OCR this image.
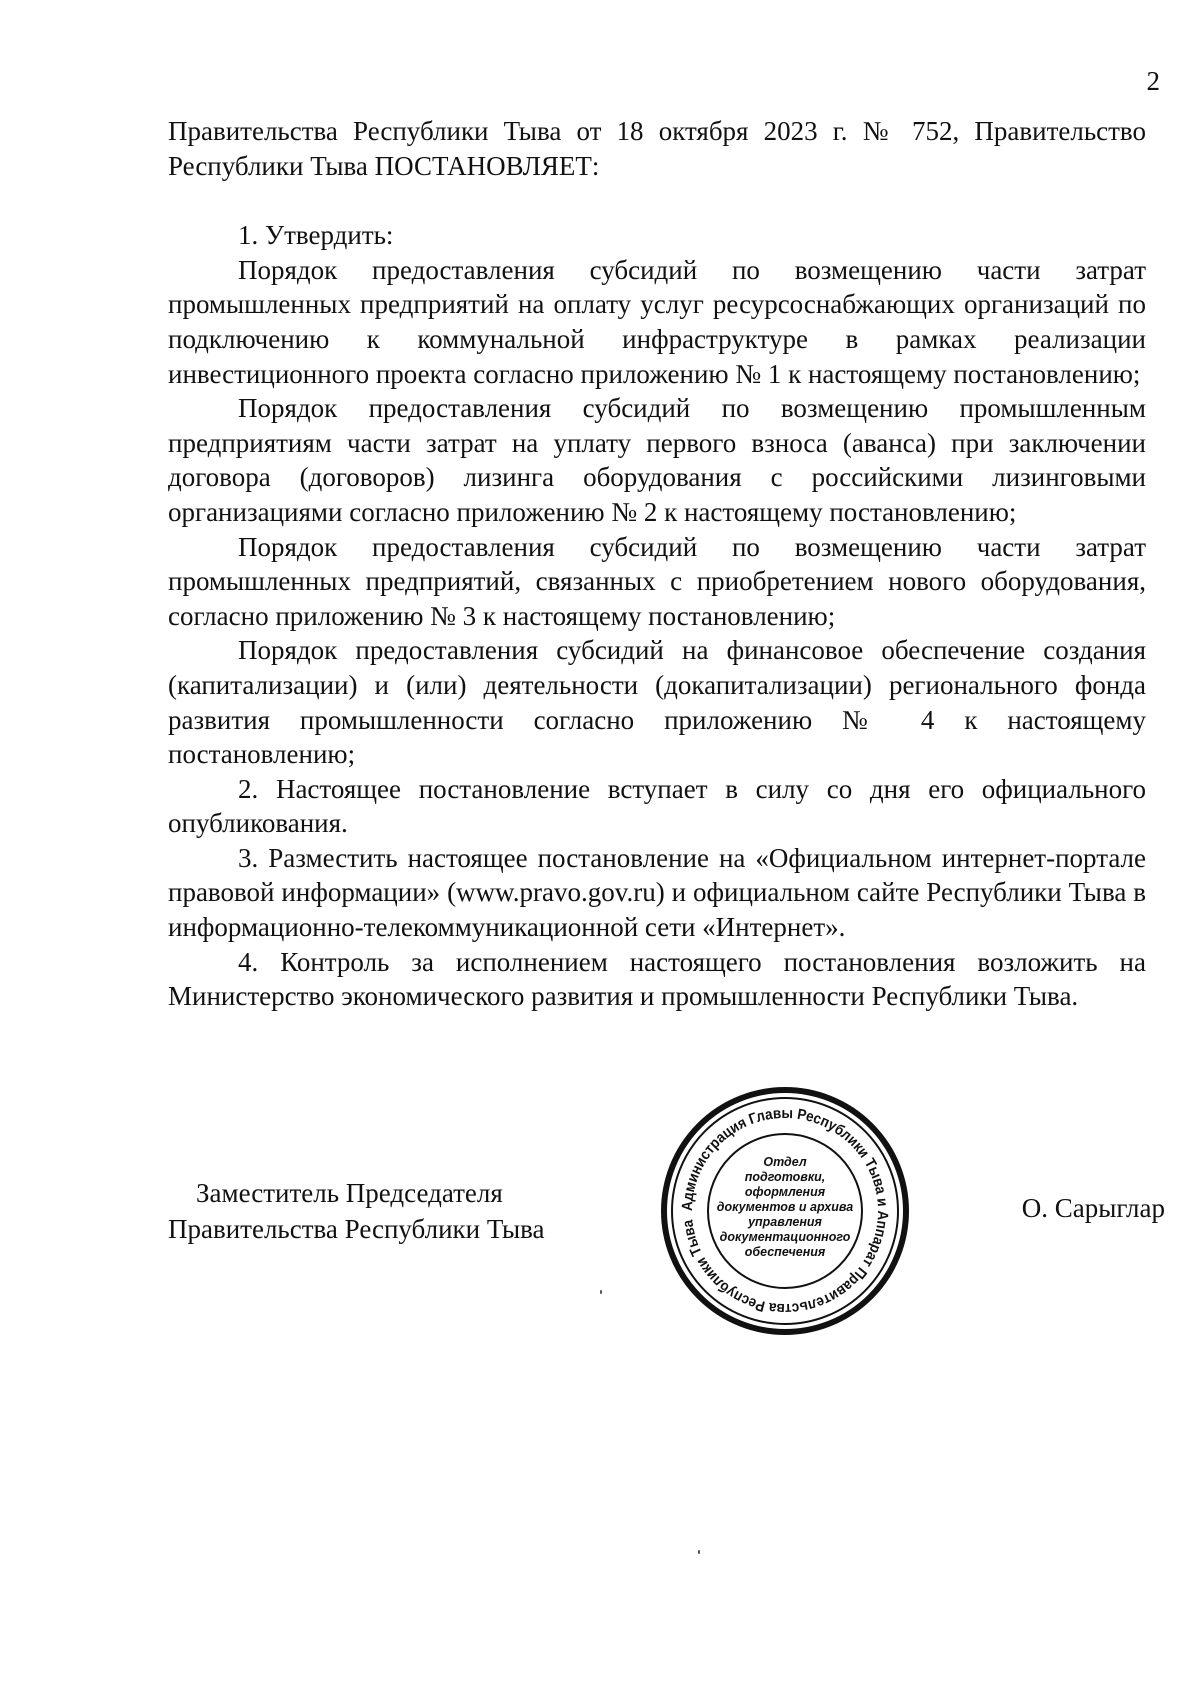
2

Правительства Республики Тыва от 18 октября 2023 г. № 752, Правительство Республики Тыва ПОСТАНОВЛЯЕТ:

1. Утвердить:

Порядок предоставления субсидий по возмещению части затрат промышленных предприятий на оплату услуг ресурсоснабжающих организаций по подключению к коммунальной инфраструктуре в рамках реализации инвестиционного проекта согласно приложению № 1 к настоящему постановлению;

Порядок предоставления субсидий по возмещению промышленным предприятиям части затрат на уплату первого взноса (аванса) при заключении договора (договоров) лизинга оборудования с российскими лизинговыми организациями согласно приложению № 2 к настоящему постановлению;

Порядок предоставления субсидий по возмещению части затрат промышленных предприятий, связанных с приобретением нового оборудования, согласно приложению № 3 к настоящему постановлению;

Порядок предоставления субсидий на финансовое обеспечение создания (капитализации) и (или) деятельности (докапитализации) регионального фонда развития промышленности согласно приложению № 4 к настоящему постановлению;

2. Настоящее постановление вступает в силу со дня его официального опубликования.

3. Разместить настоящее постановление на «Официальном интернет-портале правовой информации» (www.pravo.gov.ru) и официальном сайте Республики Тыва в информационно-телекоммуникационной сети «Интернет».

4. Контроль за исполнением настоящего постановления возложить на Министерство экономического развития и промышленности Республики Тыва.

Заместитель Председателя
Правительства Республики Тыва
О. Сарыглар
Администрация Главы Республики Тыва и Аппарат Правительства Республики Тыва
Отдел
подготовки,
оформления
документов и архива
управления
документационного
обеспечения
